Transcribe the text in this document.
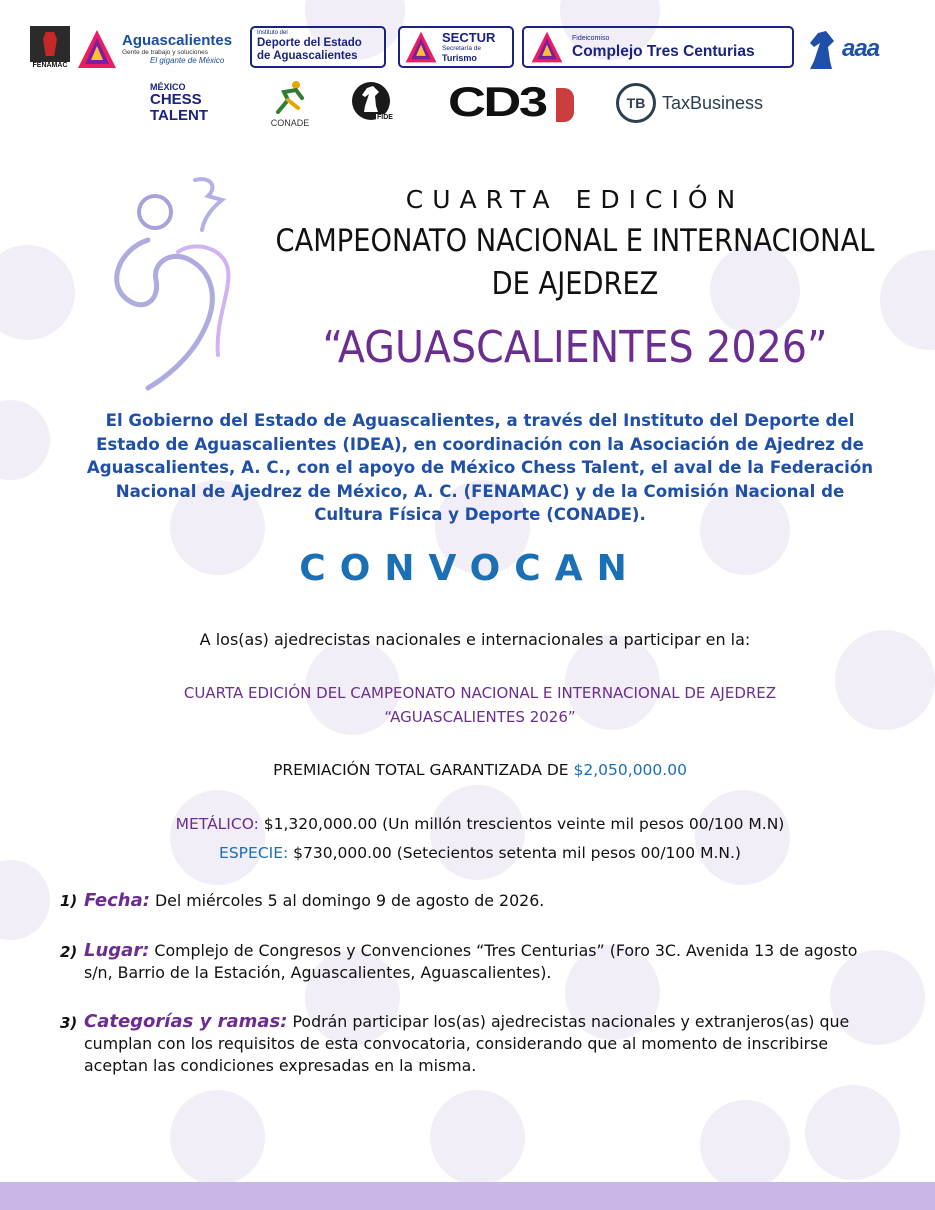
FENAMAC
Aguascalientes
Gente de trabajo y soluciones
El gigante de México
Instituto del
Deporte del Estado
de Aguascalientes
SECTUR
Secretaría de
Turismo
Fideicomiso
Complejo Tres Centurias	aaa
MÉXICO
CHESS
TALENT	CONADE
FIDE CD3	TB TaxBusiness
CUARTA EDICIÓN
CAMPEONATO NACIONAL E INTERNACIONAL
DE AJEDREZ
“AGUASCALIENTES 2026”
El Gobierno del Estado de Aguascalientes, a través del Instituto del Deporte del Estado de Aguascalientes (IDEA), en coordinación con la Asociación de Ajedrez de Aguascalientes, A. C., con el apoyo de México Chess Talent, el aval de la Federación Nacional de Ajedrez de México, A. C. (FENAMAC) y de la Comisión Nacional de Cultura Física y Deporte (CONADE).
CONVOCAN
A los(as) ajedrecistas nacionales e internacionales a participar en la:
CUARTA EDICIÓN DEL CAMPEONATO NACIONAL E INTERNACIONAL DE AJEDREZ
“AGUASCALIENTES 2026”
PREMIACIÓN TOTAL GARANTIZADA DE $2,050,000.00
METÁLICO: $1,320,000.00 (Un millón trescientos veinte mil pesos 00/100 M.N)
ESPECIE: $730,000.00 (Setecientos setenta mil pesos 00/100 M.N.)
1) Fecha: Del miércoles 5 al domingo 9 de agosto de 2026.
2) Lugar: Complejo de Congresos y Convenciones “Tres Centurias” (Foro 3C. Avenida 13 de agosto s/n, Barrio de la Estación, Aguascalientes, Aguascalientes).
3) Categorías y ramas: Podrán participar los(as) ajedrecistas nacionales y extranjeros(as) que cumplan con los requisitos de esta convocatoria, considerando que al momento de inscribirse aceptan las condiciones expresadas en la misma.
